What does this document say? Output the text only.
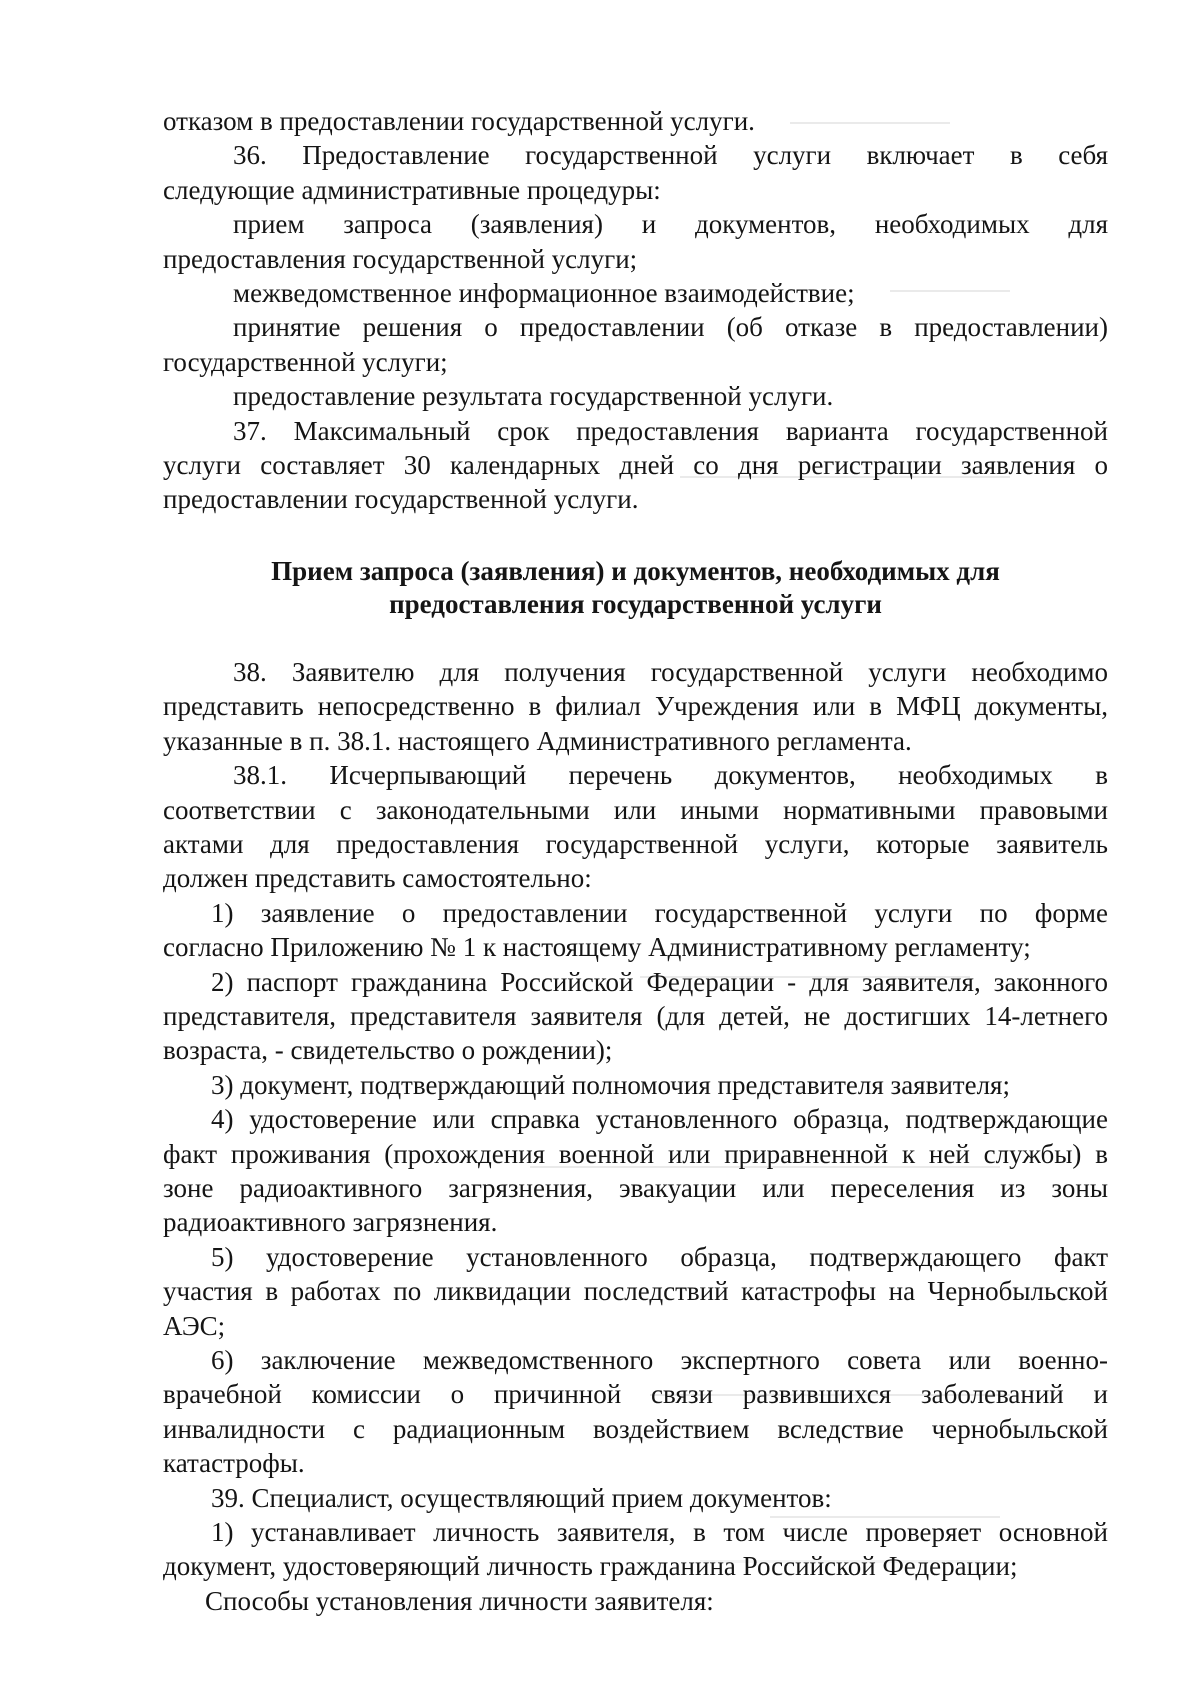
отказом в предоставлении государственной услуги.
36. Предоставление государственной услуги включает в себя
следующие административные процедуры:
прием запроса (заявления) и документов, необходимых для
предоставления государственной услуги;
межведомственное информационное взаимодействие;
принятие решения о предоставлении (об отказе в предоставлении)
государственной услуги;
предоставление результата государственной услуги.
37. Максимальный срок предоставления варианта государственной
услуги составляет 30 календарных дней со дня регистрации заявления о
предоставлении государственной услуги.
Прием запроса (заявления) и документов, необходимых для
предоставления государственной услуги
38. Заявителю для получения государственной услуги необходимо
представить непосредственно в филиал Учреждения или в МФЦ документы,
указанные в п. 38.1. настоящего Административного регламента.
38.1. Исчерпывающий перечень документов, необходимых в
соответствии с законодательными или иными нормативными правовыми
актами для предоставления государственной услуги, которые заявитель
должен представить самостоятельно:
1) заявление о предоставлении государственной услуги по форме
согласно Приложению № 1 к настоящему Административному регламенту;
2) паспорт гражданина Российской Федерации - для заявителя, законного
представителя, представителя заявителя (для детей, не достигших 14-летнего
возраста, - свидетельство о рождении);
3) документ, подтверждающий полномочия представителя заявителя;
4) удостоверение или справка установленного образца, подтверждающие
факт проживания (прохождения военной или приравненной к ней службы) в
зоне радиоактивного загрязнения, эвакуации или переселения из зоны
радиоактивного загрязнения.
5) удостоверение установленного образца, подтверждающего факт
участия в работах по ликвидации последствий катастрофы на Чернобыльской
АЭС;
6) заключение межведомственного экспертного совета или военно-
врачебной комиссии о причинной связи развившихся заболеваний и
инвалидности с радиационным воздействием вследствие чернобыльской
катастрофы.
39. Специалист, осуществляющий прием документов:
1) устанавливает личность заявителя, в том числе проверяет основной
документ, удостоверяющий личность гражданина Российской Федерации;
Способы установления личности заявителя:
